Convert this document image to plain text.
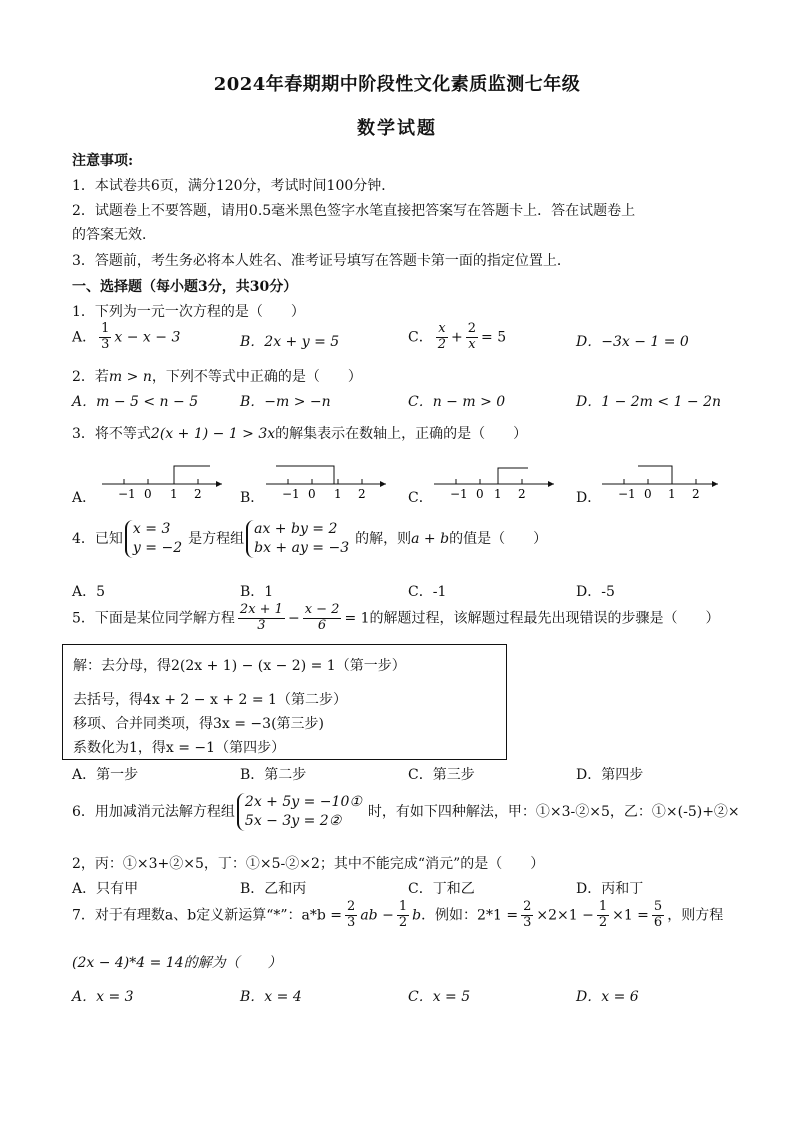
2024年春期期中阶段性文化素质监测七年级
数学试题
注意事项:
1．本试卷共6页，满分120分，考试时间100分钟．
2．试题卷上不要答题，请用0.5毫米黑色签字水笔直接把答案写在答题卡上．答在试题卷上
的答案无效．
3．答题前，考生务必将本人姓名、准考证号填写在答题卡第一面的指定位置上．
一、选择题（每小题3分，共30分）
1．下列为一元一次方程的是（　　）
A． $\frac{1}{3}$ x − x − 3	B．2x + y = 5	C． $\frac{x}{2} + \frac{2}{x} = 5$	D．−3x − 1 = 0
2．若m > n，下列不等式中正确的是（　　）
A．m − 5 < n − 5	B．−m > −n	C．n − m > 0	D．1 − 2m < 1 − 2n
3．将不等式2(x + 1) − 1 > 3x的解集表示在数轴上，正确的是（　　）
A． −1 0 1 2	B． −1 0 1 2	C． −1 0 1 2	D． −1 0 1 2
4．已知x = 3
y = −2是方程组ax + by = 2
bx + ay = −3的解，则a + b的值是（　　）
A．5	B．1	C．-1	D．-5
5．下面是某位同学解方程 $\frac{2x + 1}{3} - \frac{x - 2}{6} = 1$的解题过程，该解题过程最先出现错误的步骤是（　　）
解：去分母，得2(2x + 1) − (x − 2) = 1（第一步）
去括号，得4x + 2 − x + 2 = 1（第二步）
移项、合并同类项，得3x = −3(第三步)
系数化为1，得x = −1（第四步）
A．第一步	B．第二步	C．第三步	D．第四步
6．用加减消元法解方程组2x + 5y = −10①
5x − 3y = 2②时，有如下四种解法，甲：①×3-②×5，乙：①×(-5)+②×
2，丙：①×3+②×5，丁：①×5-②×2；其中不能完成“消元”的是（　　）
A．只有甲	B．乙和丙	C．丁和乙	D．丙和丁
7．对于有理数a、b定义新运算“*”：$a*b = \frac{2}{3}$ ab − $\frac{1}{2}$ b．例如：$2*1 = \frac{2}{3} \times 2\times 1 - \frac{1}{2} \times 1 = \frac{5}{6}$ ，则方程
(2x − 4)*4 = 14的解为（　　）
A．x = 3	B．x = 4	C．x = 5	D．x = 6
